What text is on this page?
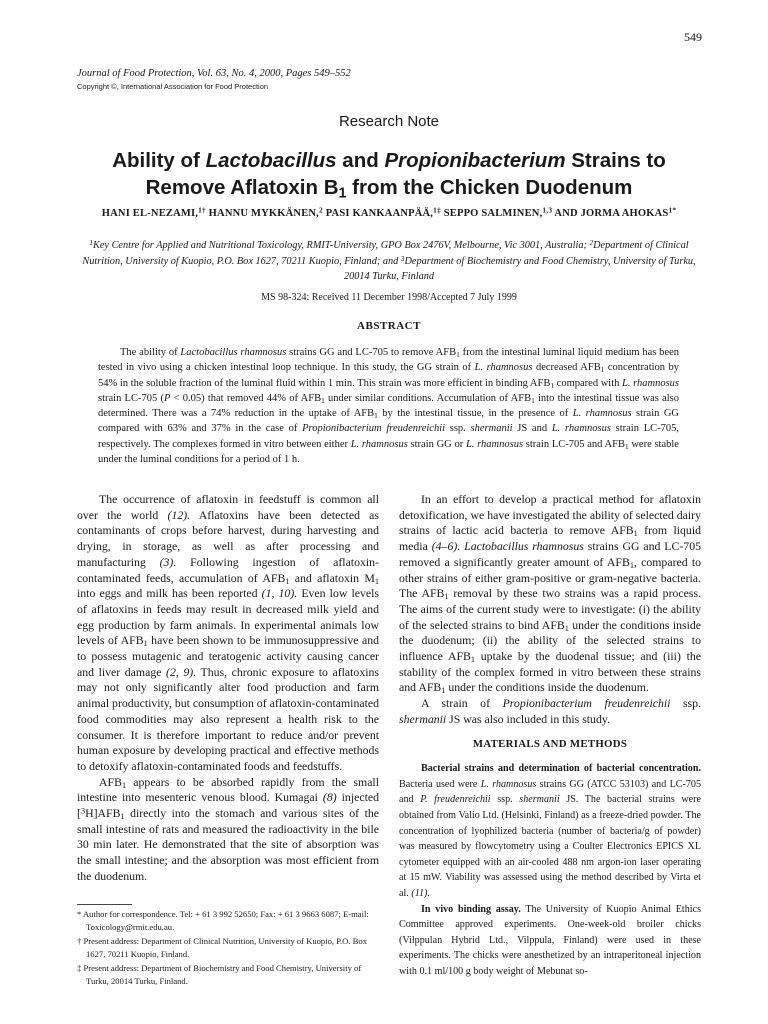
549
Journal of Food Protection, Vol. 63, No. 4, 2000, Pages 549–552
Copyright ©, International Association for Food Protection
Research Note
Ability of Lactobacillus and Propionibacterium Strains to
Remove Aflatoxin $B_1$ from the Chicken Duodenum
HANI EL-NEZAMI,$^{1\dagger}$ HANNU MYKKÄNEN,$^2$ PASI KANKAANPÄÄ,$^{1\ddagger}$ SEPPO SALMINEN,$^{1,3}$ AND JORMA $AHOKAS^{1*}$
$^1$Key Centre for Applied and Nutritional Toxicology, RMIT-University, GPO Box 2476V, Melbourne, Vic 3001, Australia; $^2$Department of Clinical Nutrition, University of Kuopio, P.O. Box 1627, 70211 Kuopio, Finland; and $^3$Department of Biochemistry and Food Chemistry, University of Turku, 20014 Turku, Finland
MS 98-324: Received 11 December 1998/Accepted 7 July 1999
ABSTRACT
The ability of Lactobacillus rhamnosus strains GG and LC-705 to remove $AFB_1$ from the intestinal luminal liquid medium has been tested in vivo using a chicken intestinal loop technique. In this study, the GG strain of L. rhamnosus decreased $AFB_1$ concentration by 54% in the soluble fraction of the luminal fluid within 1 min. This strain was more efficient in binding $AFB_1$ compared with L. rhamnosus strain LC-705 (P < 0.05) that removed 44% of $AFB_1$ under similar conditions. Accumulation of $AFB_1$ into the intestinal tissue was also determined. There was a 74% reduction in the uptake of $AFB_1$ by the intestinal tissue, in the presence of L. rhamnosus strain GG compared with 63% and 37% in the case of Propionibacterium freudenreichii ssp. shermanii JS and L. rhamnosus strain LC-705, respectively. The complexes formed in vitro between either L. rhamnosus strain GG or L. rhamnosus strain LC-705 and $AFB_1$ were stable under the luminal conditions for a period of 1 h.

The occurrence of aflatoxin in feedstuff is common all over the world (12). Aflatoxins have been detected as contaminants of crops before harvest, during harvesting and drying, in storage, as well as after processing and manufacturing (3). Following ingestion of aflatoxin-contaminated feeds, accumulation of $AFB_1$ and aflatoxin $M_1$ into eggs and milk has been reported (1, 10). Even low levels of aflatoxins in feeds may result in decreased milk yield and egg production by farm animals. In experimental animals low levels of $AFB_1$ have been shown to be immunosuppressive and to possess mutagenic and teratogenic activity causing cancer and liver damage (2, 9). Thus, chronic exposure to aflatoxins may not only significantly alter food production and farm animal productivity, but consumption of aflatoxin-contaminated food commodities may also represent a health risk to the consumer. It is therefore important to reduce and/or prevent human exposure by developing practical and effective methods to detoxify aflatoxin-contaminated foods and feedstuffs.

$AFB_1$ appears to be absorbed rapidly from the small intestine into mesenteric venous blood. Kumagai (8) injected $[^3H]AFB_1$ directly into the stomach and various sites of the small intestine of rats and measured the radioactivity in the bile 30 min later. He demonstrated that the site of absorption was the small intestine; and the absorption was most efficient from the duodenum.

* Author for correspondence. Tel: + 61 3 992 52650; Fax: + 61 3 9663 6087; E-mail: Toxicology@rmit.edu.au.
† Present address: Department of Clinical Nutrition, University of Kuopio, P.O. Box 1627, 70211 Kuopio, Finland.
‡ Present address: Department of Biochemistry and Food Chemistry, University of Turku, 20014 Turku, Finland.

In an effort to develop a practical method for aflatoxin detoxification, we have investigated the ability of selected dairy strains of lactic acid bacteria to remove $AFB_1$ from liquid media (4–6). Lactobacillus rhamnosus strains GG and LC-705 removed a significantly greater amount of $AFB_1$, compared to other strains of either gram-positive or gram-negative bacteria. The $AFB_1$ removal by these two strains was a rapid process. The aims of the current study were to investigate: (i) the ability of the selected strains to bind $AFB_1$ under the conditions inside the duodenum; (ii) the ability of the selected strains to influence $AFB_1$ uptake by the duodenal tissue; and (iii) the stability of the complex formed in vitro between these strains and $AFB_1$ under the conditions inside the duodenum.

A strain of Propionibacterium freudenreichii ssp. shermanii JS was also included in this study.

MATERIALS AND METHODS

Bacterial strains and determination of bacterial concentration. Bacteria used were L. rhamnosus strains GG (ATCC 53103) and LC-705 and P. freudenreichii ssp. shermanii JS. The bacterial strains were obtained from Valio Ltd. (Helsinki, Finland) as a freeze-dried powder. The concentration of lyophilized bacteria (number of bacteria/g of powder) was measured by flowcytometry using a Coulter Electronics EPICS XL cytometer equipped with an air-cooled 488 nm argon-ion laser operating at 15 mW. Viability was assessed using the method described by Virta et al. (11).

In vivo binding assay. The University of Kuopio Animal Ethics Committee approved experiments. One-week-old broiler chicks (Vilppulan Hybrid Ltd., Vilppula, Finland) were used in these experiments. The chicks were anesthetized by an intraperitoneal injection with 0.1 ml/100 g body weight of Mebunat so-
